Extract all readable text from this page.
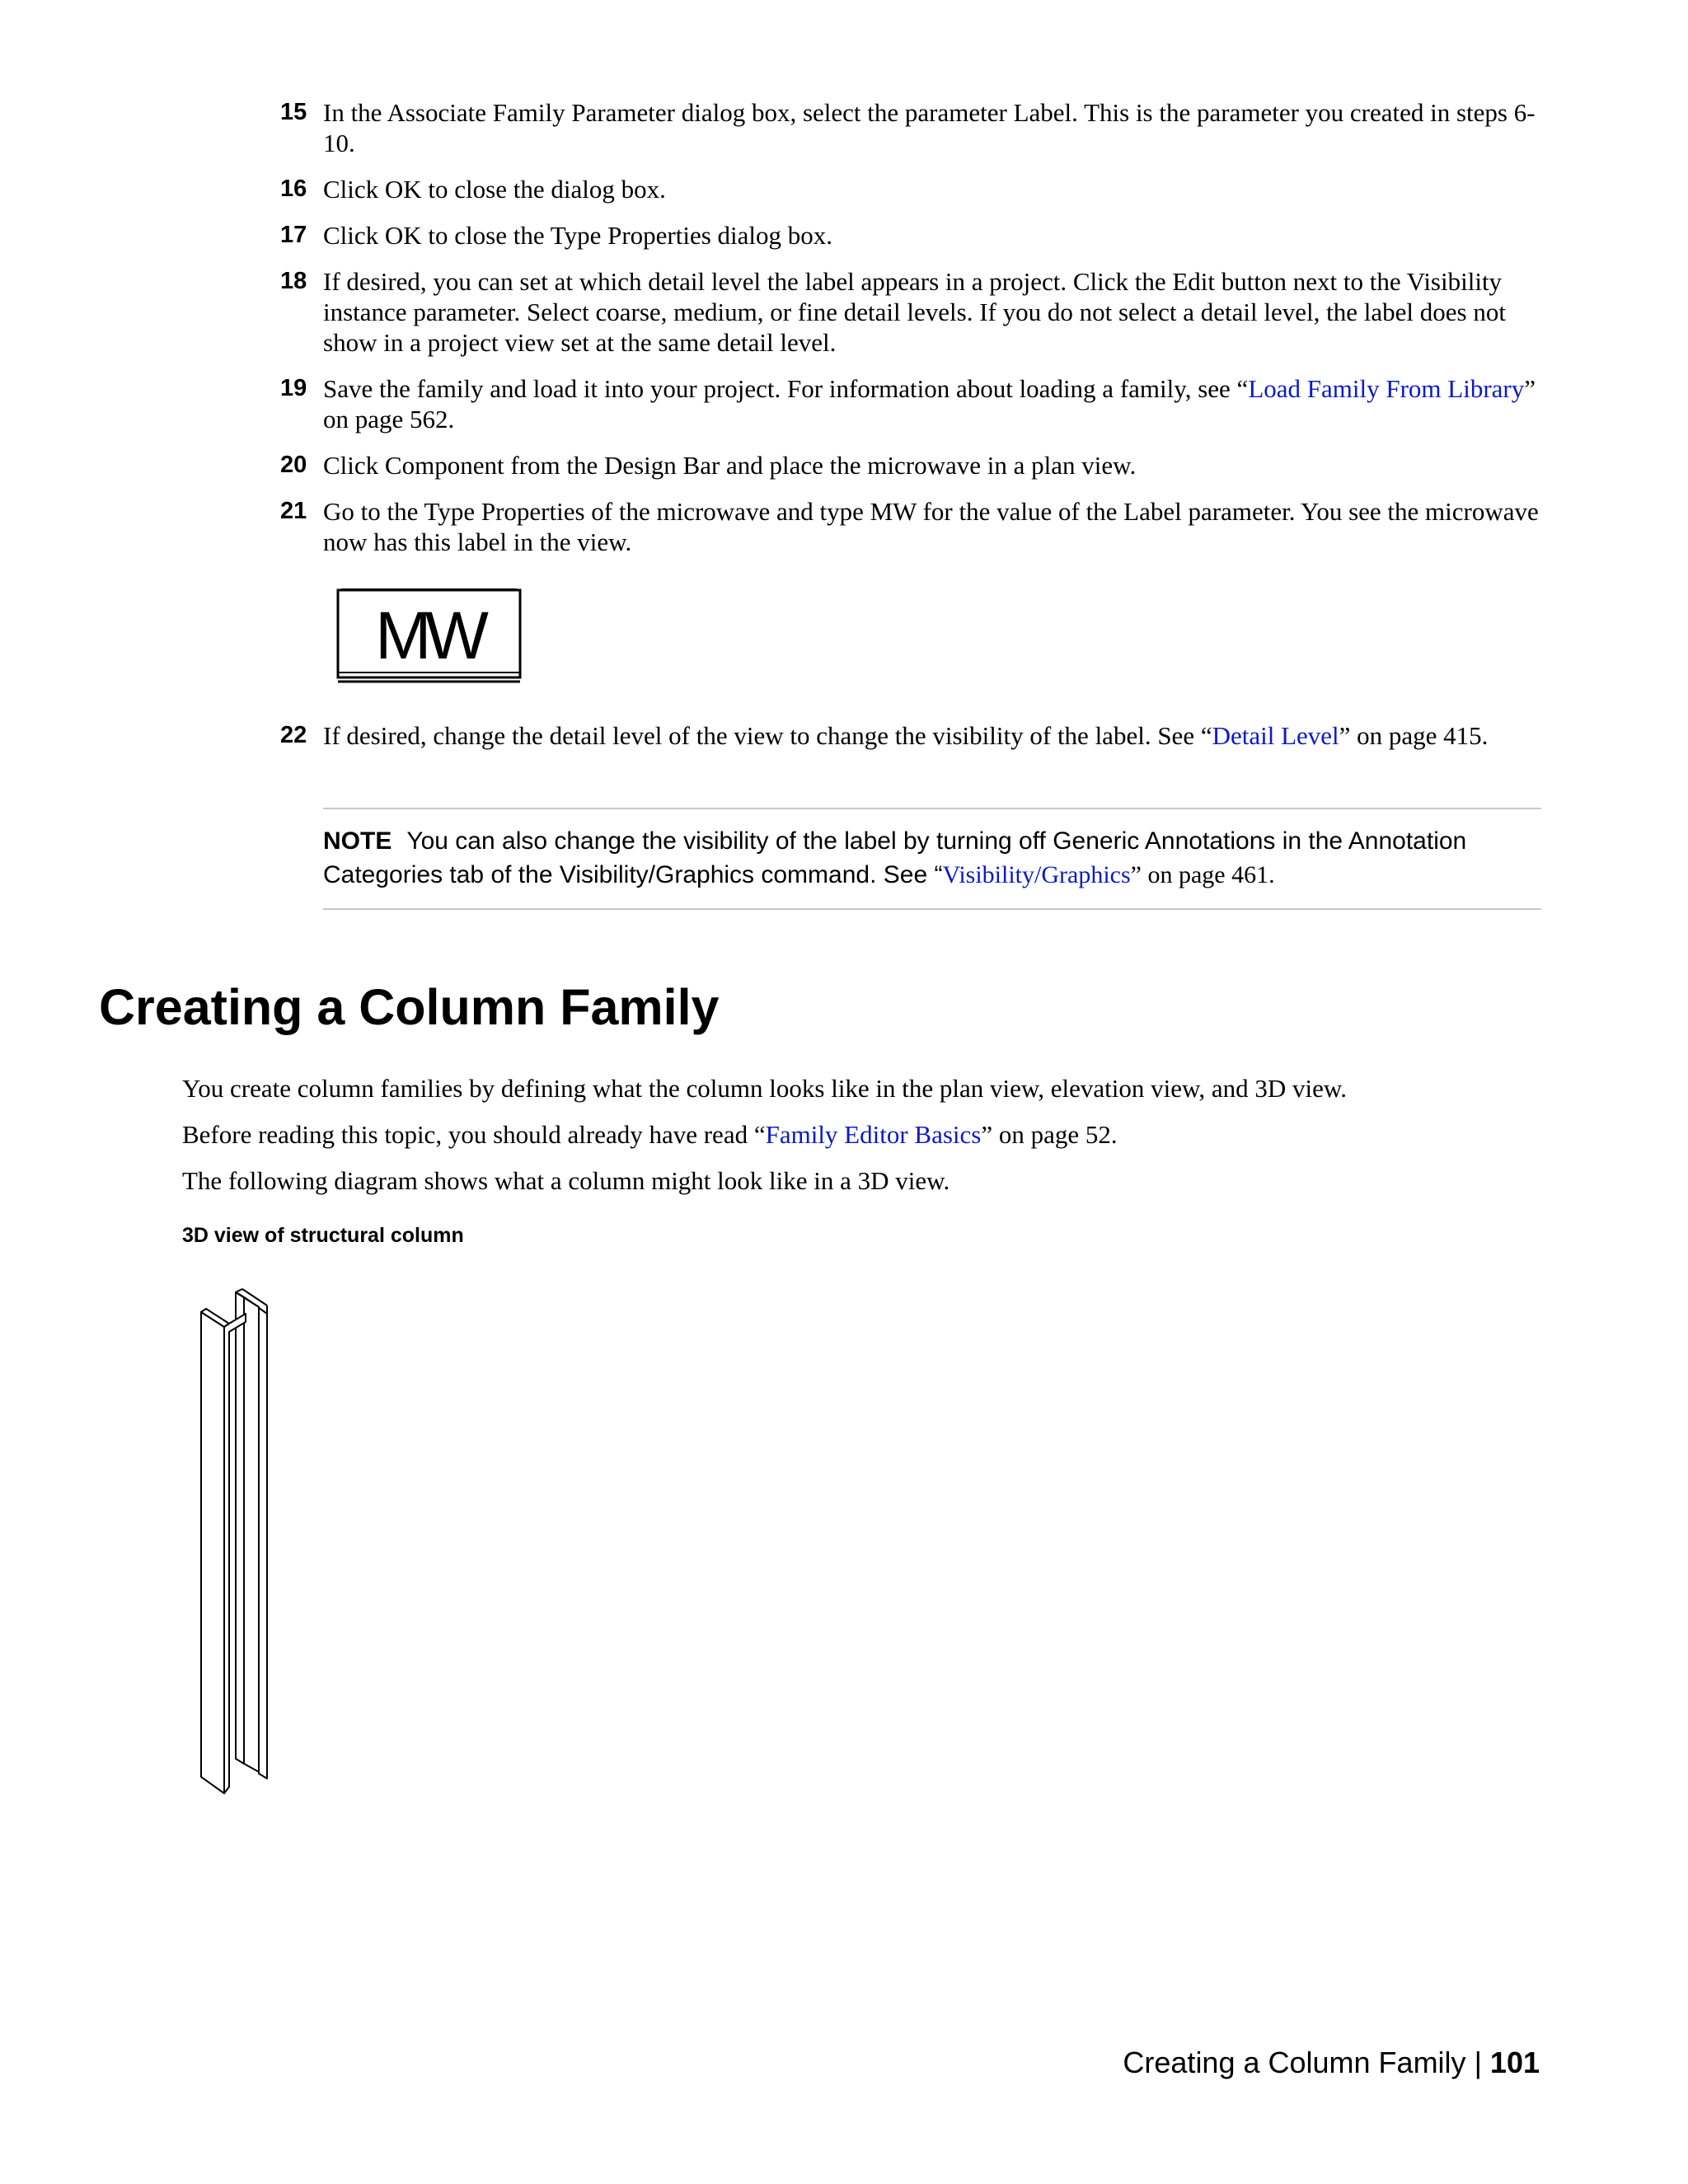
15 In the Associate Family Parameter dialog box, select the parameter Label. This is the parameter you created in steps 6-10.
16 Click OK to close the dialog box.
17 Click OK to close the Type Properties dialog box.
18 If desired, you can set at which detail level the label appears in a project. Click the Edit button next to the Visibility instance parameter. Select coarse, medium, or fine detail levels. If you do not select a detail level, the label does not show in a project view set at the same detail level.
19 Save the family and load it into your project. For information about loading a family, see “Load Family From Library” on page 562.
20 Click Component from the Design Bar and place the microwave in a plan view.
21 Go to the Type Properties of the microwave and type MW for the value of the Label parameter. You see the microwave now has this label in the view.
MW
22 If desired, change the detail level of the view to change the visibility of the label. See “Detail Level” on page 415.
NOTE You can also change the visibility of the label by turning off Generic Annotations in the Annotation Categories tab of the Visibility/Graphics command. See “Visibility/Graphics” on page 461.
Creating a Column Family
You create column families by defining what the column looks like in the plan view, elevation view, and 3D view.
Before reading this topic, you should already have read “Family Editor Basics” on page 52.
The following diagram shows what a column might look like in a 3D view.
3D view of structural column
Creating a Column Family | 101
